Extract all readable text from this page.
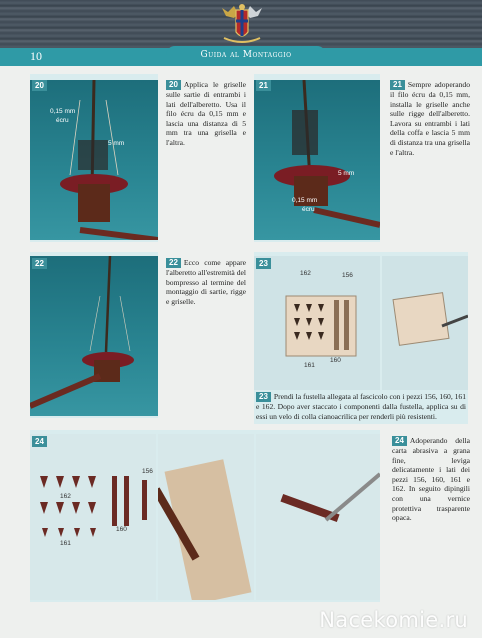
10	Guida al Montaggio
20
0,15 mm
écru
5 mm
20 Applica le griselle sulle sartie di entrambi i lati dell'alberetto. Usa il filo écru da 0,15 mm e lascia una distanza di 5 mm tra una grisella e l'altra.
21
5 mm
0,15 mm
écru
21 Sempre adoperando il filo écru da 0,15 mm, installa le griselle anche sulle rigge dell'alberetto. Lavora su entrambi i lati della coffa e lascia 5 mm di distanza tra una grisella e l'altra.
22	22 Ecco come appare l'alberetto all'estremità del bompresso al termine del montaggio di sartie, rigge e griselle.
23
162	156
161
160
23 Prendi la fustella allegata al fascicolo con i pezzi 156, 160, 161 e 162. Dopo aver staccato i componenti dalla fustella, applica su di essi un velo di colla cianoacrilica per renderli più resistenti.
24
156
162
160
161
24 Adoperando della carta abrasiva a grana fine, leviga delicatamente i lati dei pezzi 156, 160, 161 e 162. In seguito dipingili con una vernice protettiva trasparente opaca.
Nacekomie.ru
